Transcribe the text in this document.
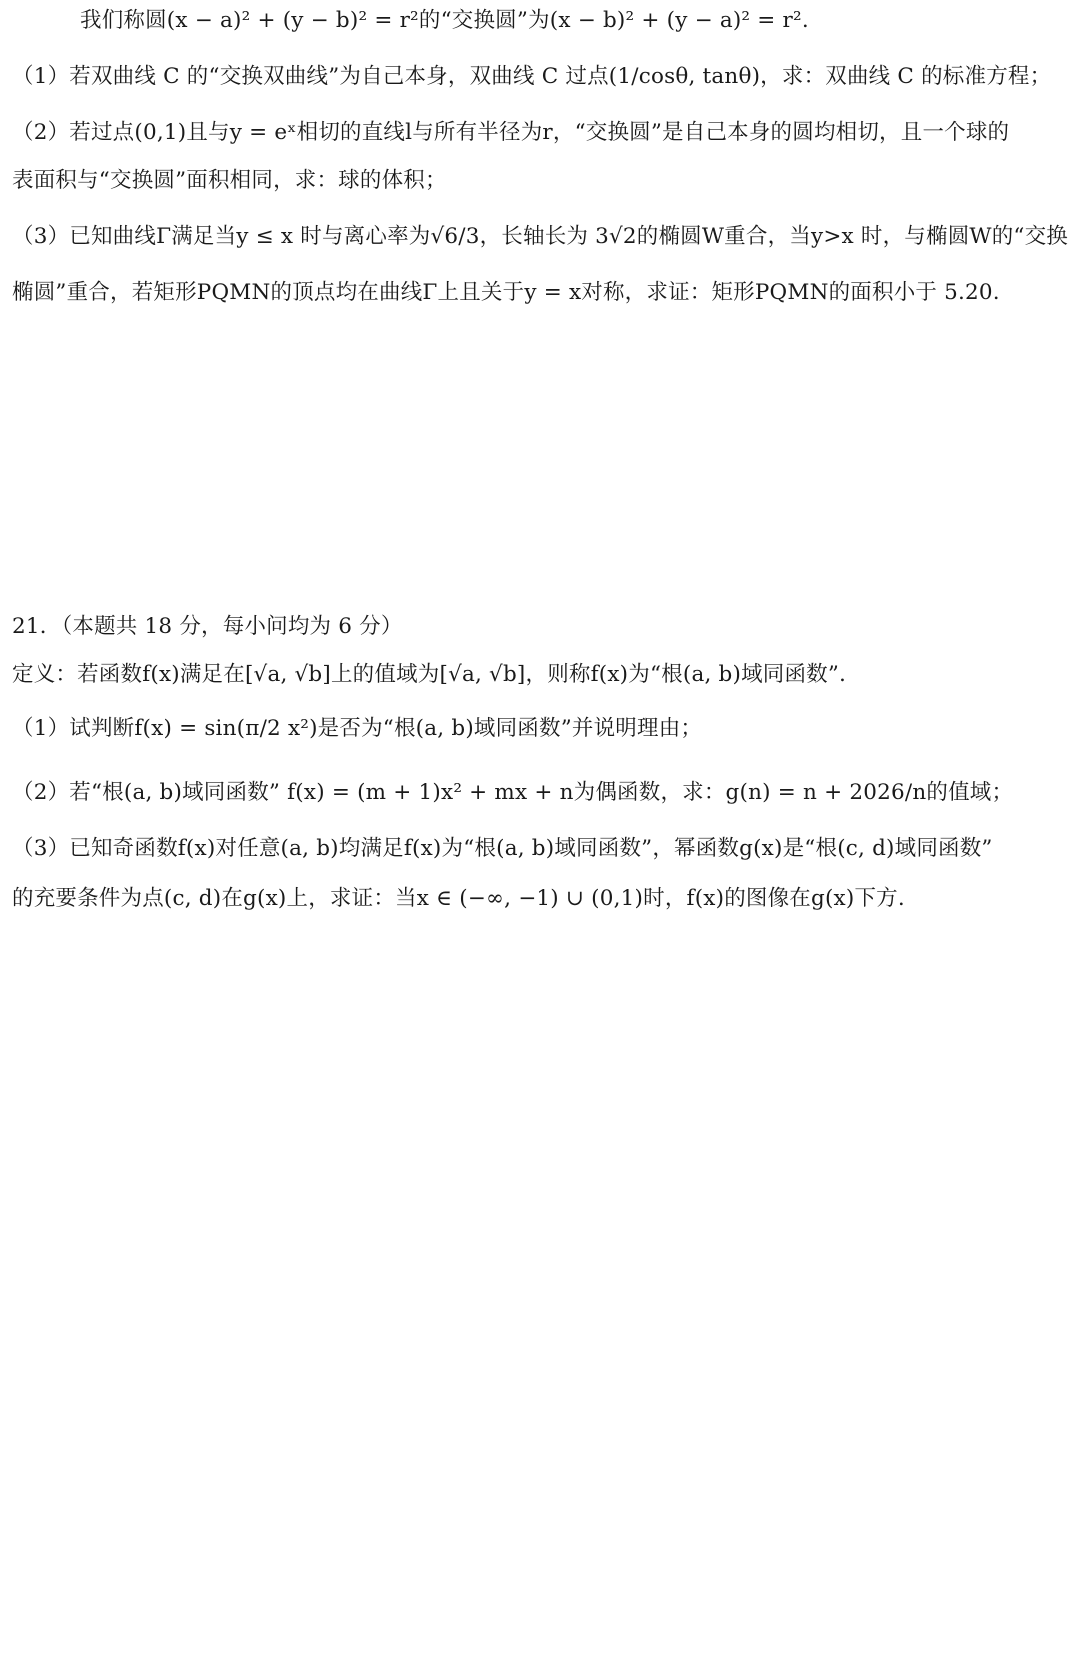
我们称圆(x − a)² + (y − b)² = r²的“交换圆”为(x − b)² + (y − a)² = r².
（1）若双曲线 C 的“交换双曲线”为自己本身，双曲线 C 过点(1/cosθ, tanθ)，求：双曲线 C 的标准方程；
（2）若过点(0,1)且与y = eˣ相切的直线l与所有半径为r，“交换圆”是自己本身的圆均相切，且一个球的
表面积与“交换圆”面积相同，求：球的体积；
（3）已知曲线Γ满足当y ≤ x 时与离心率为√6/3，长轴长为 3√2的椭圆W重合，当y>x 时，与椭圆W的“交换
椭圆”重合，若矩形PQMN的顶点均在曲线Γ上且关于y = x对称，求证：矩形PQMN的面积小于 5.20.
21．（本题共 18 分，每小问均为 6 分）
定义：若函数f(x)满足在[√a, √b]上的值域为[√a, √b]，则称f(x)为“根(a, b)域同函数”．
（1）试判断f(x) = sin(π/2 x²)是否为“根(a, b)域同函数”并说明理由；
（2）若“根(a, b)域同函数” f(x) = (m + 1)x² + mx + n为偶函数，求：g(n) = n + 2026/n的值域；
（3）已知奇函数f(x)对任意(a, b)均满足f(x)为“根(a, b)域同函数”，幂函数g(x)是“根(c, d)域同函数”
的充要条件为点(c, d)在g(x)上，求证：当x ∈ (−∞, −1) ∪ (0,1)时，f(x)的图像在g(x)下方.
